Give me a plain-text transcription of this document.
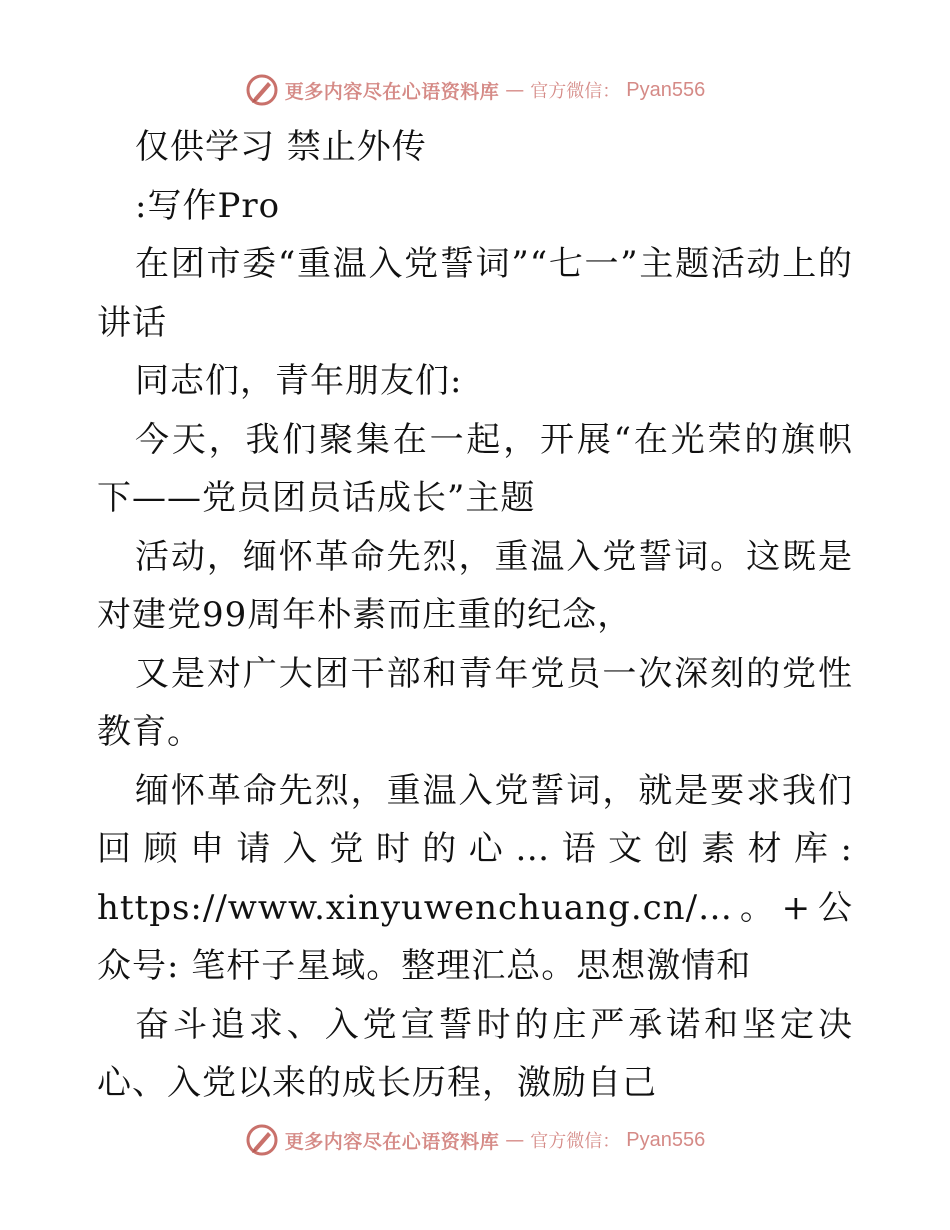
更多内容尽在心语资料库 — 官方微信： Pyan556

仅供学习 禁止外传

:写作Pro

在团市委“重温入党誓词”“七一”主题活动上的讲话

同志们，青年朋友们:

今天，我们聚集在一起，开展“在光荣的旗帜下——党员团员话成长”主题

活动，缅怀革命先烈，重温入党誓词。这既是对建党99周年朴素而庄重的纪念，

又是对广大团干部和青年党员一次深刻的党性教育。

缅怀革命先烈，重温入党誓词，就是要求我们回顾申请入党时的心…语文创素材库: https://www.xinyuwenchuang.cn/…。+公众号: 笔杆子星域。整理汇总。思想激情和

奋斗追求、入党宣誓时的庄严承诺和坚定决心、入党以来的成长历程，激励自己

更多内容尽在心语资料库 — 官方微信： Pyan556
